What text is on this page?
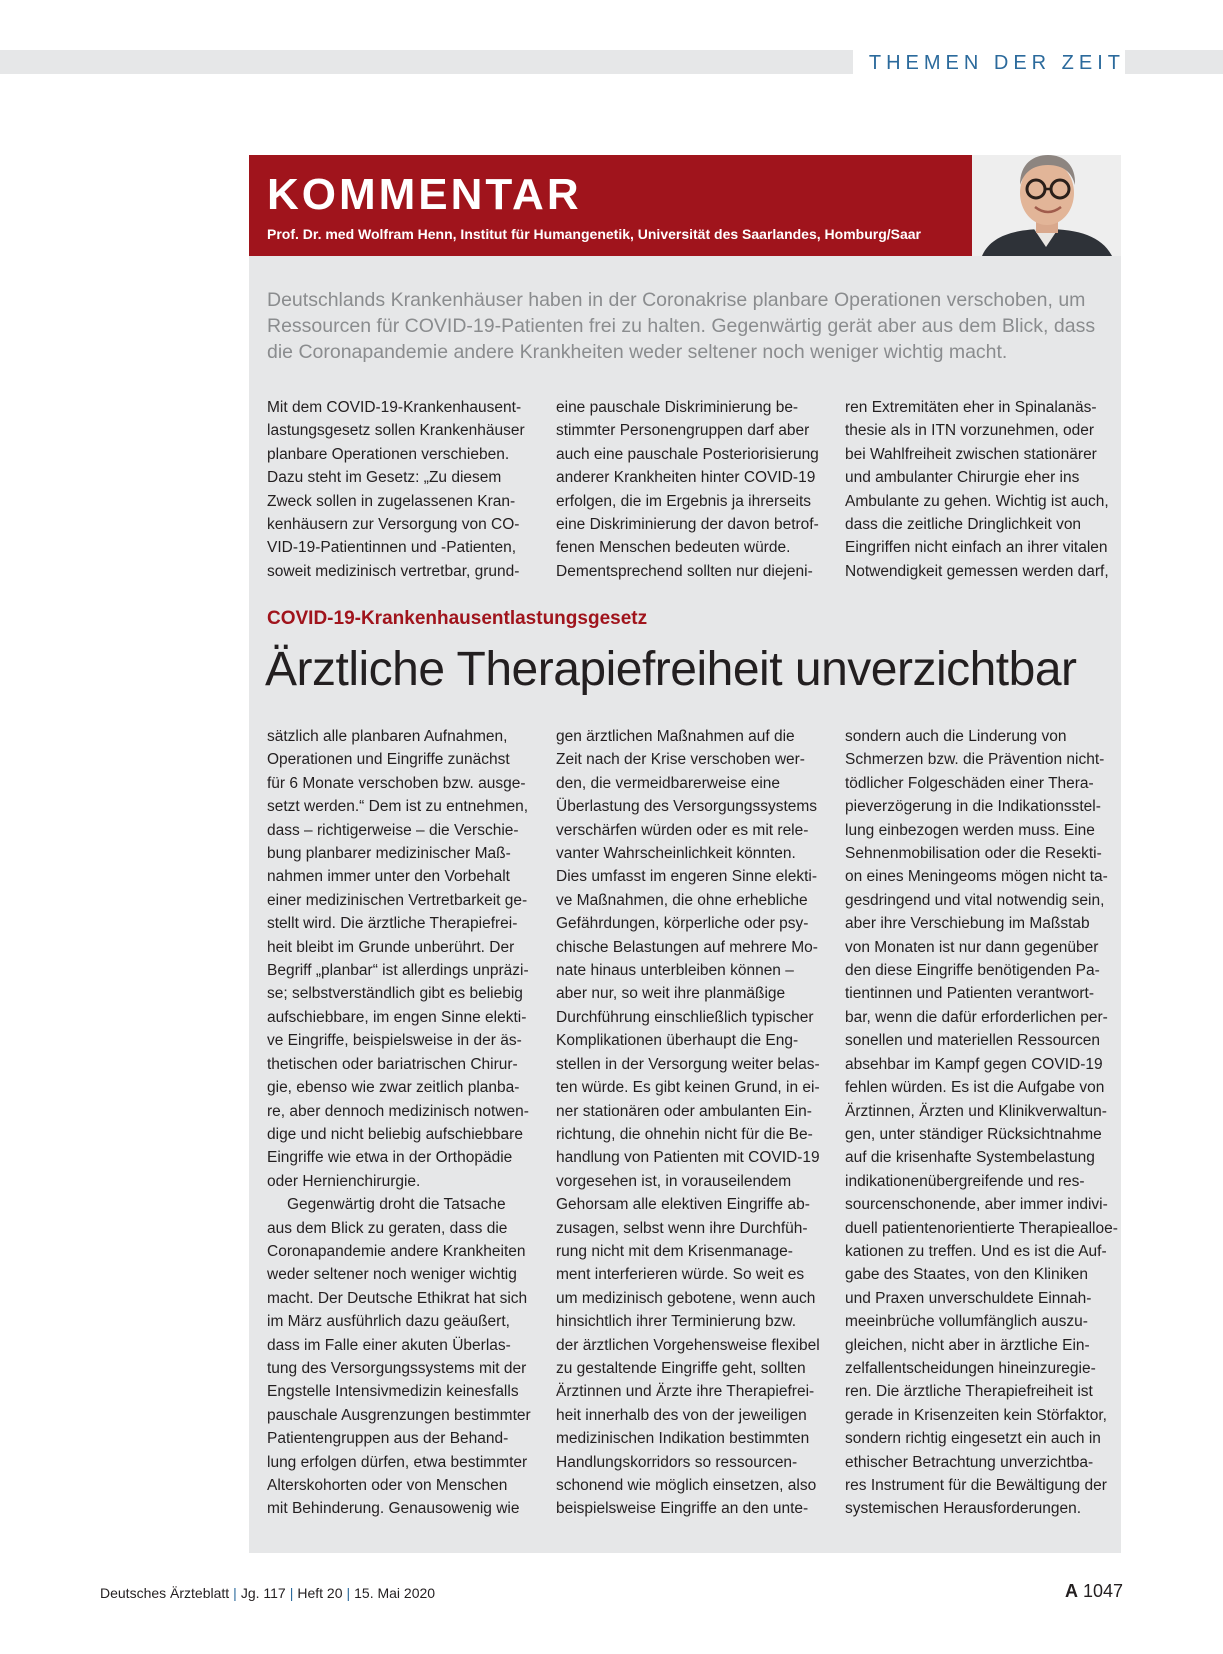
THEMEN DER ZEIT
KOMMENTAR
Prof. Dr. med Wolfram Henn, Institut für Humangenetik, Universität des Saarlandes, Homburg/Saar
Deutschlands Krankenhäuser haben in der Coronakrise planbare Operationen verschoben, um Ressourcen für COVID-19-Patienten frei zu halten. Gegenwärtig gerät aber aus dem Blick, dass die Coronapandemie andere Krankheiten weder seltener noch weniger wichtig macht.
Mit dem COVID-19-Krankenhausent-
lastungsgesetz sollen Krankenhäuser
planbare Operationen verschieben.
Dazu steht im Gesetz: „Zu diesem
Zweck sollen in zugelassenen Kran-
kenhäusern zur Versorgung von CO-
VID-19-Patientinnen und -Patienten,
soweit medizinisch vertretbar, grund-
eine pauschale Diskriminierung be-
stimmter Personengruppen darf aber
auch eine pauschale Posteriorisierung
anderer Krankheiten hinter COVID-19
erfolgen, die im Ergebnis ja ihrerseits
eine Diskriminierung der davon betrof-
fenen Menschen bedeuten würde.
Dementsprechend sollten nur diejeni-
ren Extremitäten eher in Spinalanäs-
thesie als in ITN vorzunehmen, oder
bei Wahlfreiheit zwischen stationärer
und ambulanter Chirurgie eher ins
Ambulante zu gehen. Wichtig ist auch,
dass die zeitliche Dringlichkeit von
Eingriffen nicht einfach an ihrer vitalen
Notwendigkeit gemessen werden darf,
COVID-19-Krankenhausentlastungsgesetz
Ärztliche Therapiefreiheit unverzichtbar
sätzlich alle planbaren Aufnahmen,
Operationen und Eingriffe zunächst
für 6 Monate verschoben bzw. ausge-
setzt werden.“ Dem ist zu entnehmen,
dass – richtigerweise – die Verschie-
bung planbarer medizinischer Maß-
nahmen immer unter den Vorbehalt
einer medizinischen Vertretbarkeit ge-
stellt wird. Die ärztliche Therapiefrei-
heit bleibt im Grunde unberührt. Der
Begriff „planbar“ ist allerdings unpräzi-
se; selbstverständlich gibt es beliebig
aufschiebbare, im engen Sinne elekti-
ve Eingriffe, beispielsweise in der äs-
thetischen oder bariatrischen Chirur-
gie, ebenso wie zwar zeitlich planba-
re, aber dennoch medizinisch notwen-
dige und nicht beliebig aufschiebbare
Eingriffe wie etwa in der Orthopädie
oder Hernienchirurgie.
Gegenwärtig droht die Tatsache
aus dem Blick zu geraten, dass die
Coronapandemie andere Krankheiten
weder seltener noch weniger wichtig
macht. Der Deutsche Ethikrat hat sich
im März ausführlich dazu geäußert,
dass im Falle einer akuten Überlas-
tung des Versorgungssystems mit der
Engstelle Intensivmedizin keinesfalls
pauschale Ausgrenzungen bestimmter
Patientengruppen aus der Behand-
lung erfolgen dürfen, etwa bestimmter
Alterskohorten oder von Menschen
mit Behinderung. Genausowenig wie
gen ärztlichen Maßnahmen auf die
Zeit nach der Krise verschoben wer-
den, die vermeidbarerweise eine
Überlastung des Versorgungssystems
verschärfen würden oder es mit rele-
vanter Wahrscheinlichkeit könnten.
Dies umfasst im engeren Sinne elekti-
ve Maßnahmen, die ohne erhebliche
Gefährdungen, körperliche oder psy-
chische Belastungen auf mehrere Mo-
nate hinaus unterbleiben können –
aber nur, so weit ihre planmäßige
Durchführung einschließlich typischer
Komplikationen überhaupt die Eng-
stellen in der Versorgung weiter belas-
ten würde. Es gibt keinen Grund, in ei-
ner stationären oder ambulanten Ein-
richtung, die ohnehin nicht für die Be-
handlung von Patienten mit COVID-19
vorgesehen ist, in vorauseilendem
Gehorsam alle elektiven Eingriffe ab-
zusagen, selbst wenn ihre Durchfüh-
rung nicht mit dem Krisenmanage-
ment interferieren würde. So weit es
um medizinisch gebotene, wenn auch
hinsichtlich ihrer Terminierung bzw.
der ärztlichen Vorgehensweise flexibel
zu gestaltende Eingriffe geht, sollten
Ärztinnen und Ärzte ihre Therapiefrei-
heit innerhalb des von der jeweiligen
medizinischen Indikation bestimmten
Handlungskorridors so ressourcen-
schonend wie möglich einsetzen, also
beispielsweise Eingriffe an den unte-
sondern auch die Linderung von
Schmerzen bzw. die Prävention nicht-
tödlicher Folgeschäden einer Thera-
pieverzögerung in die Indikationsstel-
lung einbezogen werden muss. Eine
Sehnenmobilisation oder die Resekti-
on eines Meningeoms mögen nicht ta-
gesdringend und vital notwendig sein,
aber ihre Verschiebung im Maßstab
von Monaten ist nur dann gegenüber
den diese Eingriffe benötigenden Pa-
tientinnen und Patienten verantwort-
bar, wenn die dafür erforderlichen per-
sonellen und materiellen Ressourcen
absehbar im Kampf gegen COVID-19
fehlen würden. Es ist die Aufgabe von
Ärztinnen, Ärzten und Klinikverwaltun-
gen, unter ständiger Rücksichtnahme
auf die krisenhafte Systembelastung
indikationenübergreifende und res-
sourcenschonende, aber immer indivi-
duell patientenorientierte Therapiealloe-
kationen zu treffen. Und es ist die Auf-
gabe des Staates, von den Kliniken
und Praxen unverschuldete Einnah-
meeinbrüche vollumfänglich auszu-
gleichen, nicht aber in ärztliche Ein-
zelfallentscheidungen hineinzuregie-
ren. Die ärztliche Therapiefreiheit ist
gerade in Krisenzeiten kein Störfaktor,
sondern richtig eingesetzt ein auch in
ethischer Betrachtung unverzichtba-
res Instrument für die Bewältigung der
systemischen Herausforderungen.
Deutsches Ärzteblatt | Jg. 117 | Heft 20 | 15. Mai 2020	A 1047
